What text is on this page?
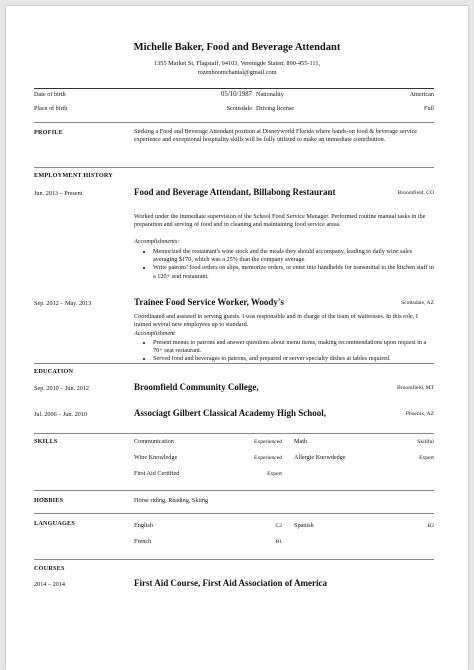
Michelle Baker, Food and Beverage Attendant
1355 Market St, Flagstaff, 94103, Verenigde Staten, 890-455-111,
rozenboomchantal@gmail.com
Date of birth	05/10/1987 Nationality	American
Place of birth	Scottsdale Driving license	Full
PROFILE	Seeking a Food and Beverage Attendant position at Disneyworld Florida where hands-on food & beverage service experience and exceptional hospitality skills will be fully utilized to make an immediate contribution.
EMPLOYMENT HISTORY
Jun. 2013 – Present	Food and Beverage Attendant, Billabong Restaurant	Broomfield, CO
Worked under the immediate supervision of the School Food Service Manager. Performed routine manual tasks in the preparation and serving of food and in cleaning and maintaining food service areas.
Accomplishments:
• Memorized the restaurant's wine stock and the meals they should accompany, leading to daily wine sales averaging $170, which was a 25% than the company average.
• Write patrons' food orders on slips, memorize orders, or enter into handhelds for transmittal to the kitchen staff in a 120+ seat restaurant.
Sep. 2012 – May. 2013	Trainee Food Service Worker, Woody's	Scottsdale, AZ
Coordinated and assisted in serving guests. I was responsible and in charge of the team of waitresses. In this role, I trained several new employees up to standard.
Accomplishment
• Present menus to patrons and answer questions about menu items, making recommendations upon request in a 70+ seat restaurant.
• Served food and beverages to patrons, and prepared or server specialty dishes at tables required.
EDUCATION
Sep. 2010 – Jun. 2012	Broomfield Community College,	Broomfield, MT
Jul. 2006 – Jun. 2010	Associagt Gilbert Classical Academy High School,	Phoenix, AZ
SKILLS	Communication	Experienced Math	Skillful
Wine Knowledge	Experienced Allergie Knowdedge	Expert
First Aid Certified	Expert
HOBBIES	Horse riding, Reading, Skiing
LANGUAGES	English	C2 Spanish	B2
French	B1
COURSES
2014 – 2014	First Aid Course, First Aid Association of America
